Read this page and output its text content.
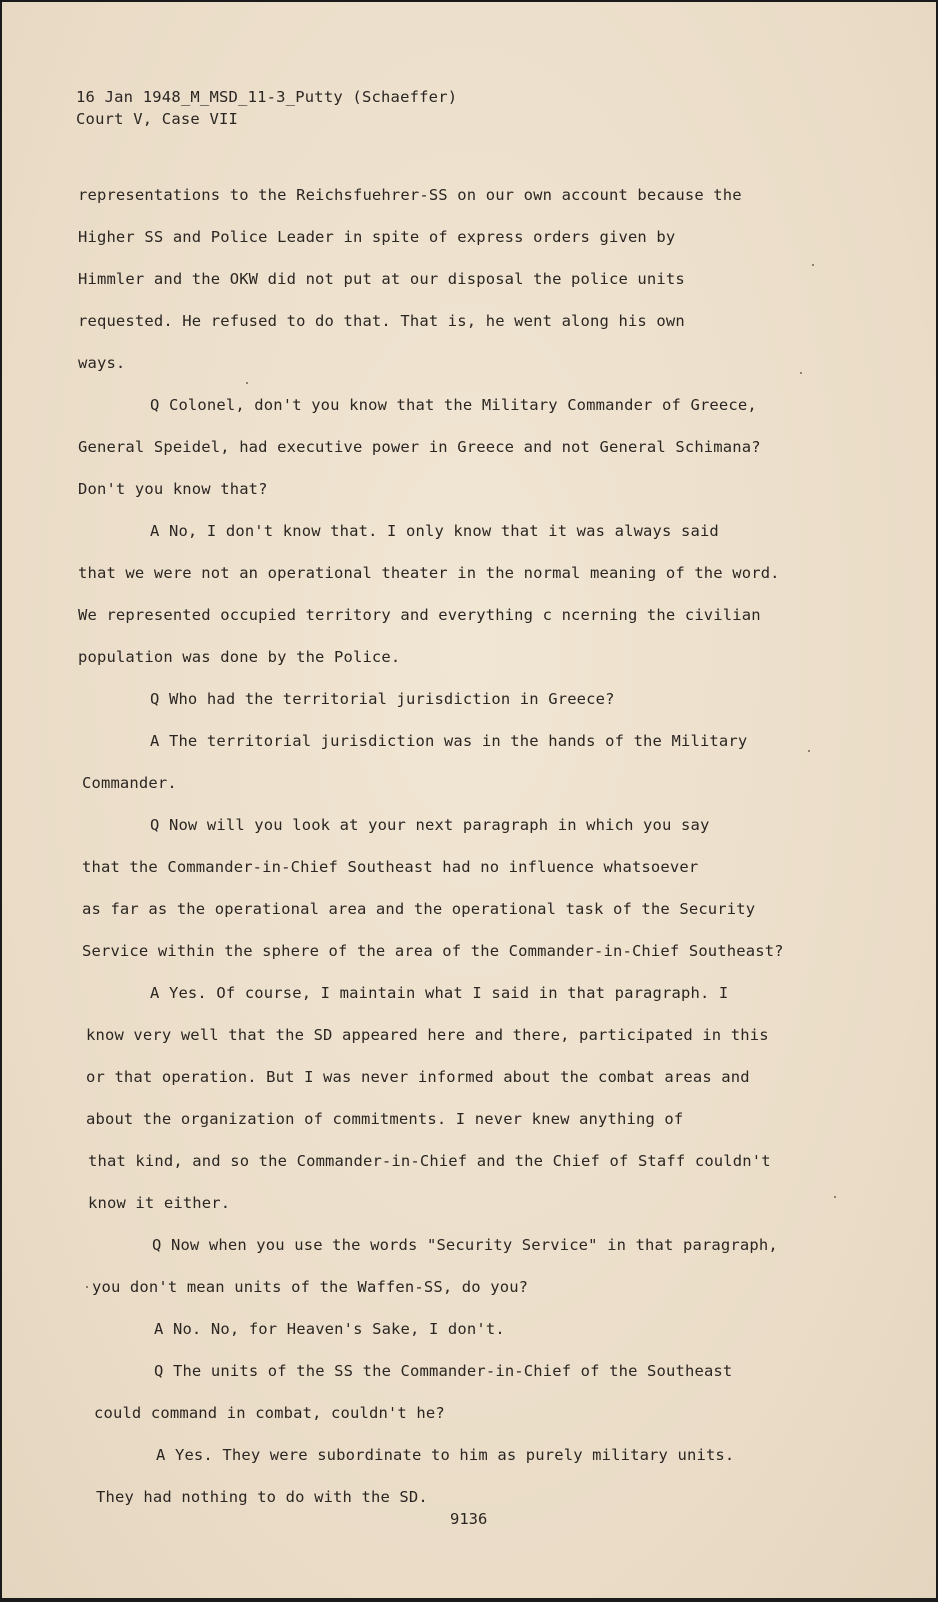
16 Jan 1948_M_MSD_11-3_Putty (Schaeffer)
Court V, Case VII
representations to the Reichsfuehrer-SS on our own account because the
Higher SS and Police Leader in spite of express orders given by
Himmler and the OKW did not put at our disposal the police units
requested. He refused to do that. That is, he went along his own
ways.
Q Colonel, don't you know that the Military Commander of Greece,
General Speidel, had executive power in Greece and not General Schimana?
Don't you know that?
A No, I don't know that. I only know that it was always said
that we were not an operational theater in the normal meaning of the word.
We represented occupied territory and everything c ncerning the civilian
population was done by the Police.
Q Who had the territorial jurisdiction in Greece?
A The territorial jurisdiction was in the hands of the Military
Commander.
Q Now will you look at your next paragraph in which you say
that the Commander-in-Chief Southeast had no influence whatsoever
as far as the operational area and the operational task of the Security
Service within the sphere of the area of the Commander-in-Chief Southeast?
A Yes. Of course, I maintain what I said in that paragraph. I
know very well that the SD appeared here and there, participated in this
or that operation. But I was never informed about the combat areas and
about the organization of commitments. I never knew anything of
that kind, and so the Commander-in-Chief and the Chief of Staff couldn't
know it either.
Q Now when you use the words "Security Service" in that paragraph,
you don't mean units of the Waffen-SS, do you?
A No. No, for Heaven's Sake, I don't.
Q The units of the SS the Commander-in-Chief of the Southeast
could command in combat, couldn't he?
A Yes. They were subordinate to him as purely military units.
They had nothing to do with the SD.
9136
